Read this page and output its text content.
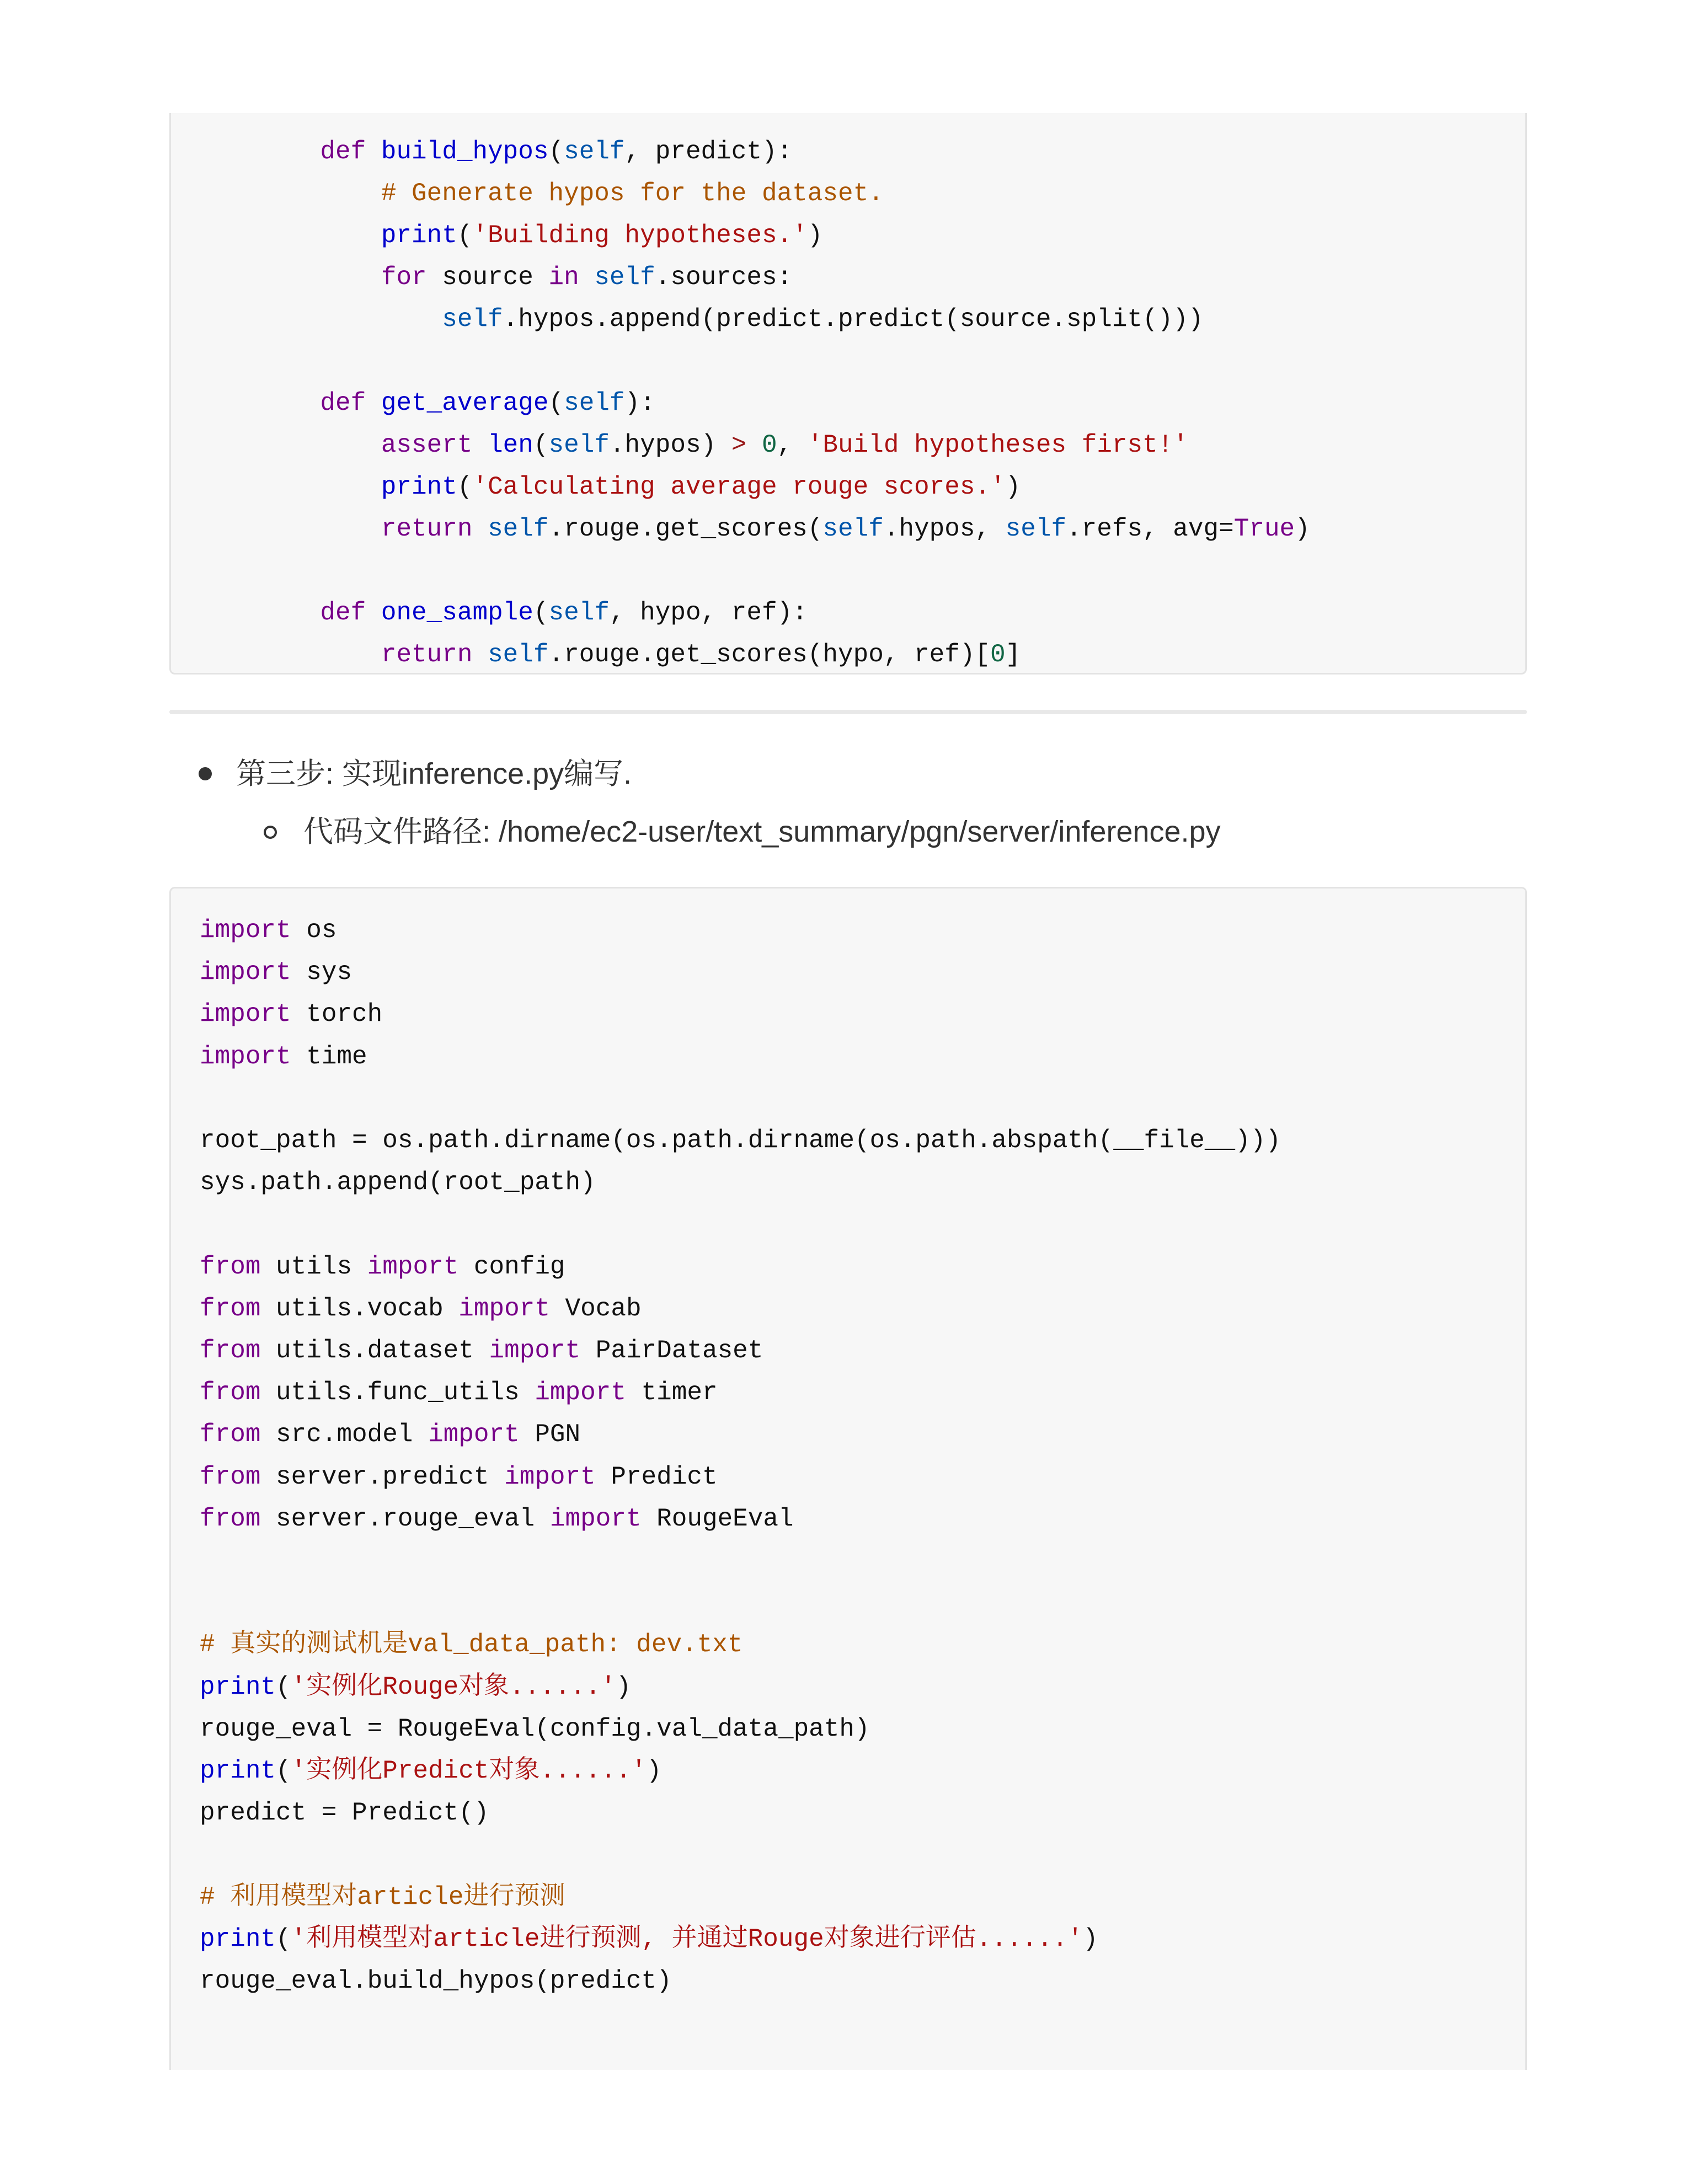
def build_hypos(self, predict):
# Generate hypos for the dataset.
print('Building hypotheses.')
for source in self.sources:
self.hypos.append(predict.predict(source.split()))
def get_average(self):
assert len(self.hypos) > 0, 'Build hypotheses first!'
print('Calculating average rouge scores.')
return self.rouge.get_scores(self.hypos, self.refs, avg=True)
def one_sample(self, hypo, ref):
return self.rouge.get_scores(hypo, ref)[0]
第三步: 实现inference.py编写.
代码文件路径: /home/ec2-user/text_summary/pgn/server/inference.py
import os
import sys
import torch
import time
root_path = os.path.dirname(os.path.dirname(os.path.abspath(__file__)))
sys.path.append(root_path)
from utils import config
from utils.vocab import Vocab
from utils.dataset import PairDataset
from utils.func_utils import timer
from src.model import PGN
from server.predict import Predict
from server.rouge_eval import RougeEval
# 真实的测试机是val_data_path: dev.txt
print('实例化Rouge对象......')
rouge_eval = RougeEval(config.val_data_path)
print('实例化Predict对象......')
predict = Predict()
# 利用模型对article进行预测
print('利用模型对article进行预测, 并通过Rouge对象进行评估......')
rouge_eval.build_hypos(predict)
